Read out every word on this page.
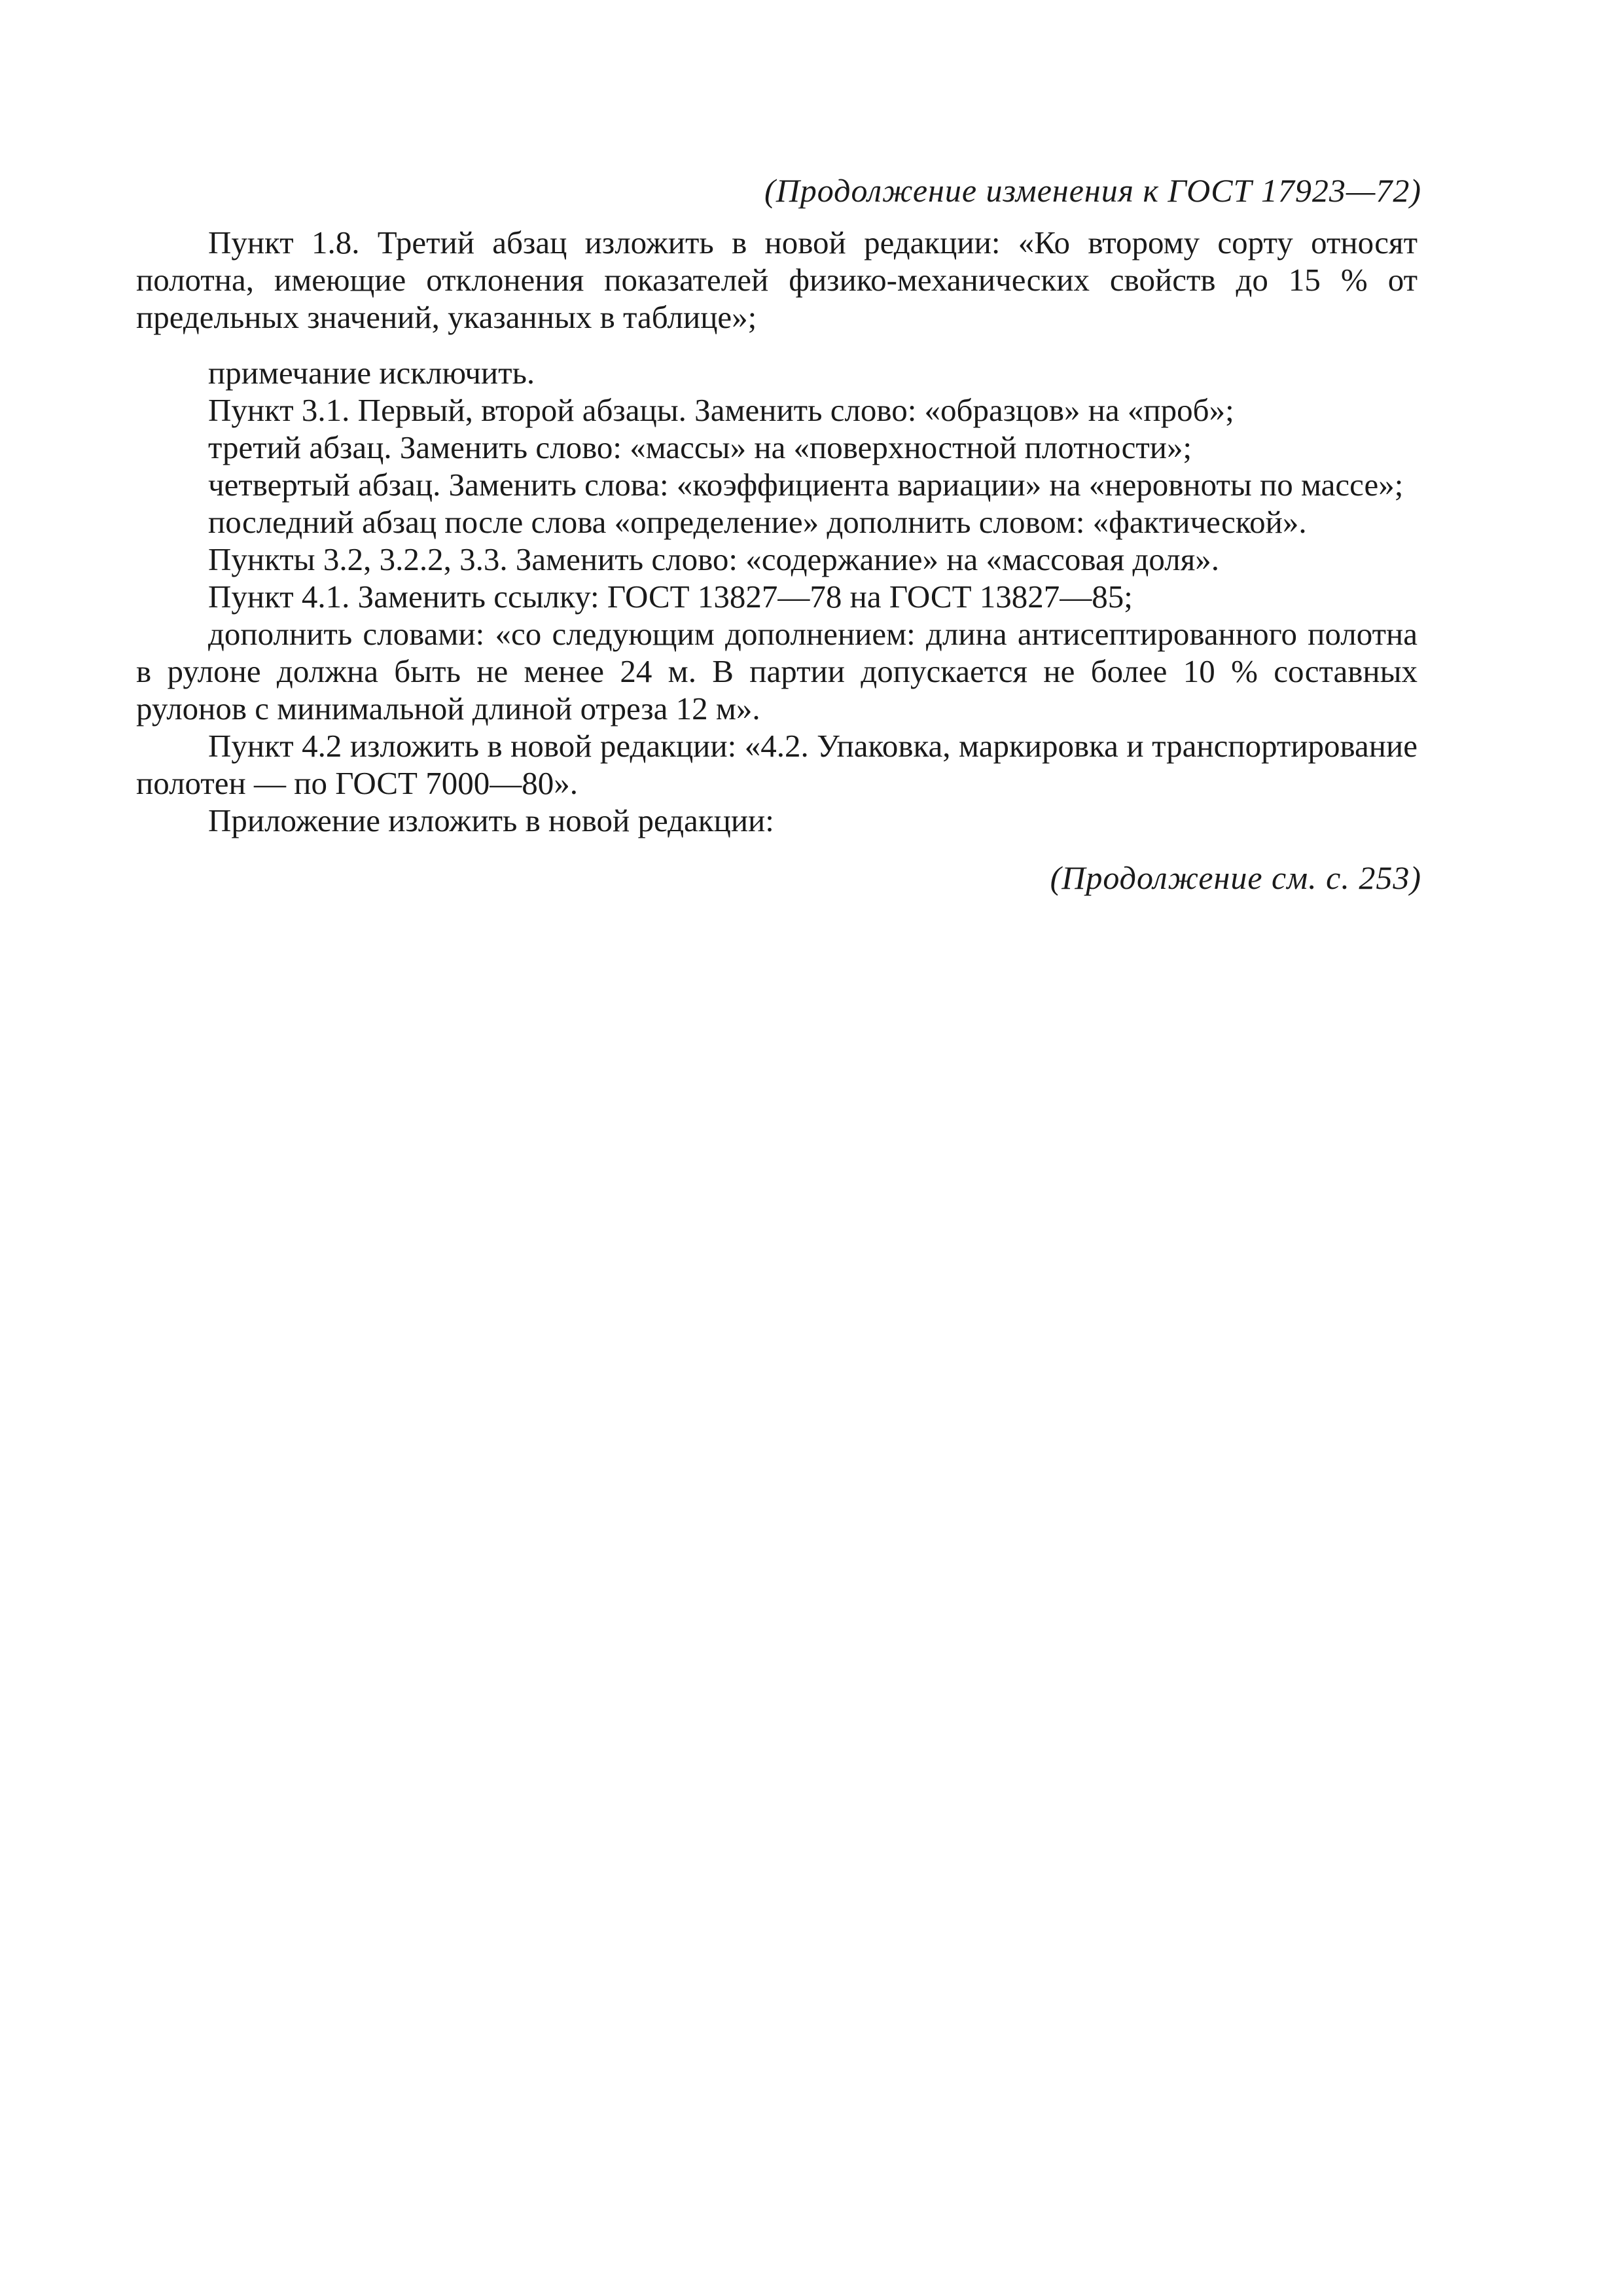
(Продолжение изменения к ГОСТ 17923—72)

Пункт 1.8. Третий абзац изложить в новой редакции: «Ко второму сорту относят полотна, имеющие отклонения показателей физико-механических свойств до 15 % от предельных значений, указанных в таблице»;

примечание исключить.

Пункт 3.1. Первый, второй абзацы. Заменить слово: «образцов» на «проб»;

третий абзац. Заменить слово: «массы» на «поверхностной плотности»;

четвертый абзац. Заменить слова: «коэффициента вариации» на «неровноты по массе»;

последний абзац после слова «определение» дополнить словом: «фактической».

Пункты 3.2, 3.2.2, 3.3. Заменить слово: «содержание» на «массовая доля».

Пункт 4.1. Заменить ссылку: ГОСТ 13827—78 на ГОСТ 13827—85;

дополнить словами: «со следующим дополнением: длина антисептированного полотна в рулоне должна быть не менее 24 м. В партии допускается не более 10 % составных рулонов с минимальной длиной отреза 12 м».

Пункт 4.2 изложить в новой редакции: «4.2. Упаковка, маркировка и транспортирование полотен — по ГОСТ 7000—80».

Приложение изложить в новой редакции:

(Продолжение см. с. 253)
